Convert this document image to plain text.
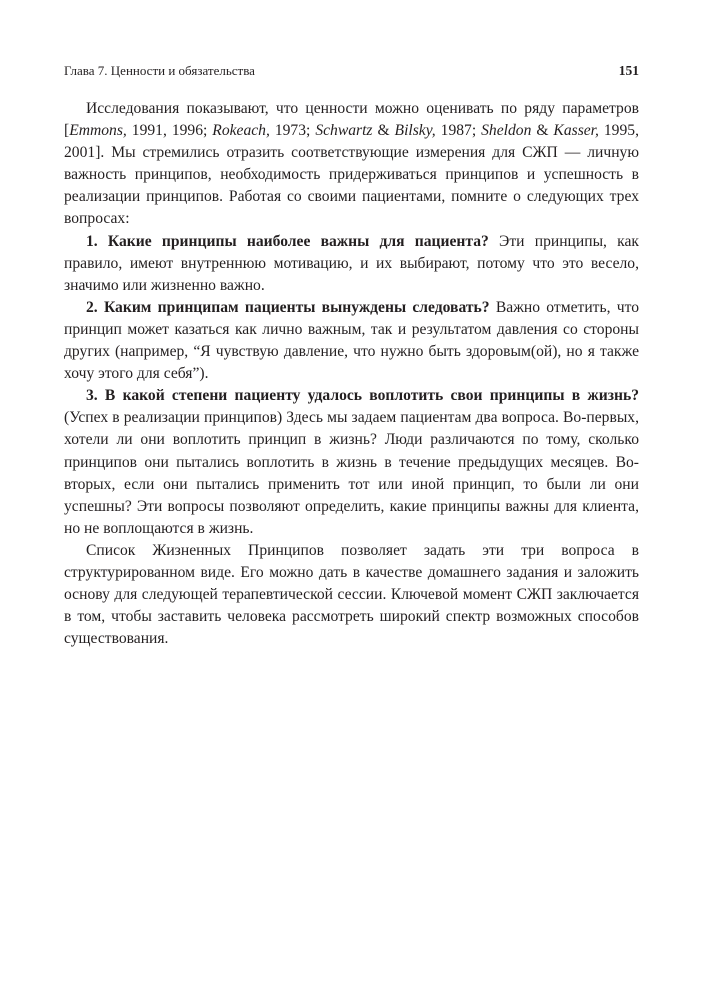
Глава 7. Ценности и обязательства	151

Исследования показывают, что ценности можно оценивать по ряду параметров [Emmons, 1991, 1996; Rokeach, 1973; Schwartz & Bilsky, 1987; Sheldon & Kasser, 1995, 2001]. Мы стремились отразить соответствующие измерения для СЖП — личную важность принципов, необходимость придерживаться принципов и успешность в реализации принципов. Работая со своими пациентами, помните о следующих трех вопросах:

1. Какие принципы наиболее важны для пациента? Эти принципы, как правило, имеют внутреннюю мотивацию, и их выбирают, потому что это весело, значимо или жизненно важно.

2. Каким принципам пациенты вынуждены следовать? Важно отметить, что принцип может казаться как лично важным, так и результатом давления со стороны других (например, “Я чувствую давление, что нужно быть здоровым(ой), но я также хочу этого для себя”).

3. В какой степени пациенту удалось воплотить свои принципы в жизнь? (Успех в реализации принципов) Здесь мы задаем пациентам два вопроса. Во-первых, хотели ли они воплотить принцип в жизнь? Люди различаются по тому, сколько принципов они пытались воплотить в жизнь в течение предыдущих месяцев. Во-вторых, если они пытались применить тот или иной принцип, то были ли они успешны? Эти вопросы позволяют определить, какие принципы важны для клиента, но не воплощаются в жизнь.

Список Жизненных Принципов позволяет задать эти три вопроса в структурированном виде. Его можно дать в качестве домашнего задания и заложить основу для следующей терапевтической сессии. Ключевой момент СЖП заключается в том, чтобы заставить человека рассмотреть широкий спектр возможных способов существования.
